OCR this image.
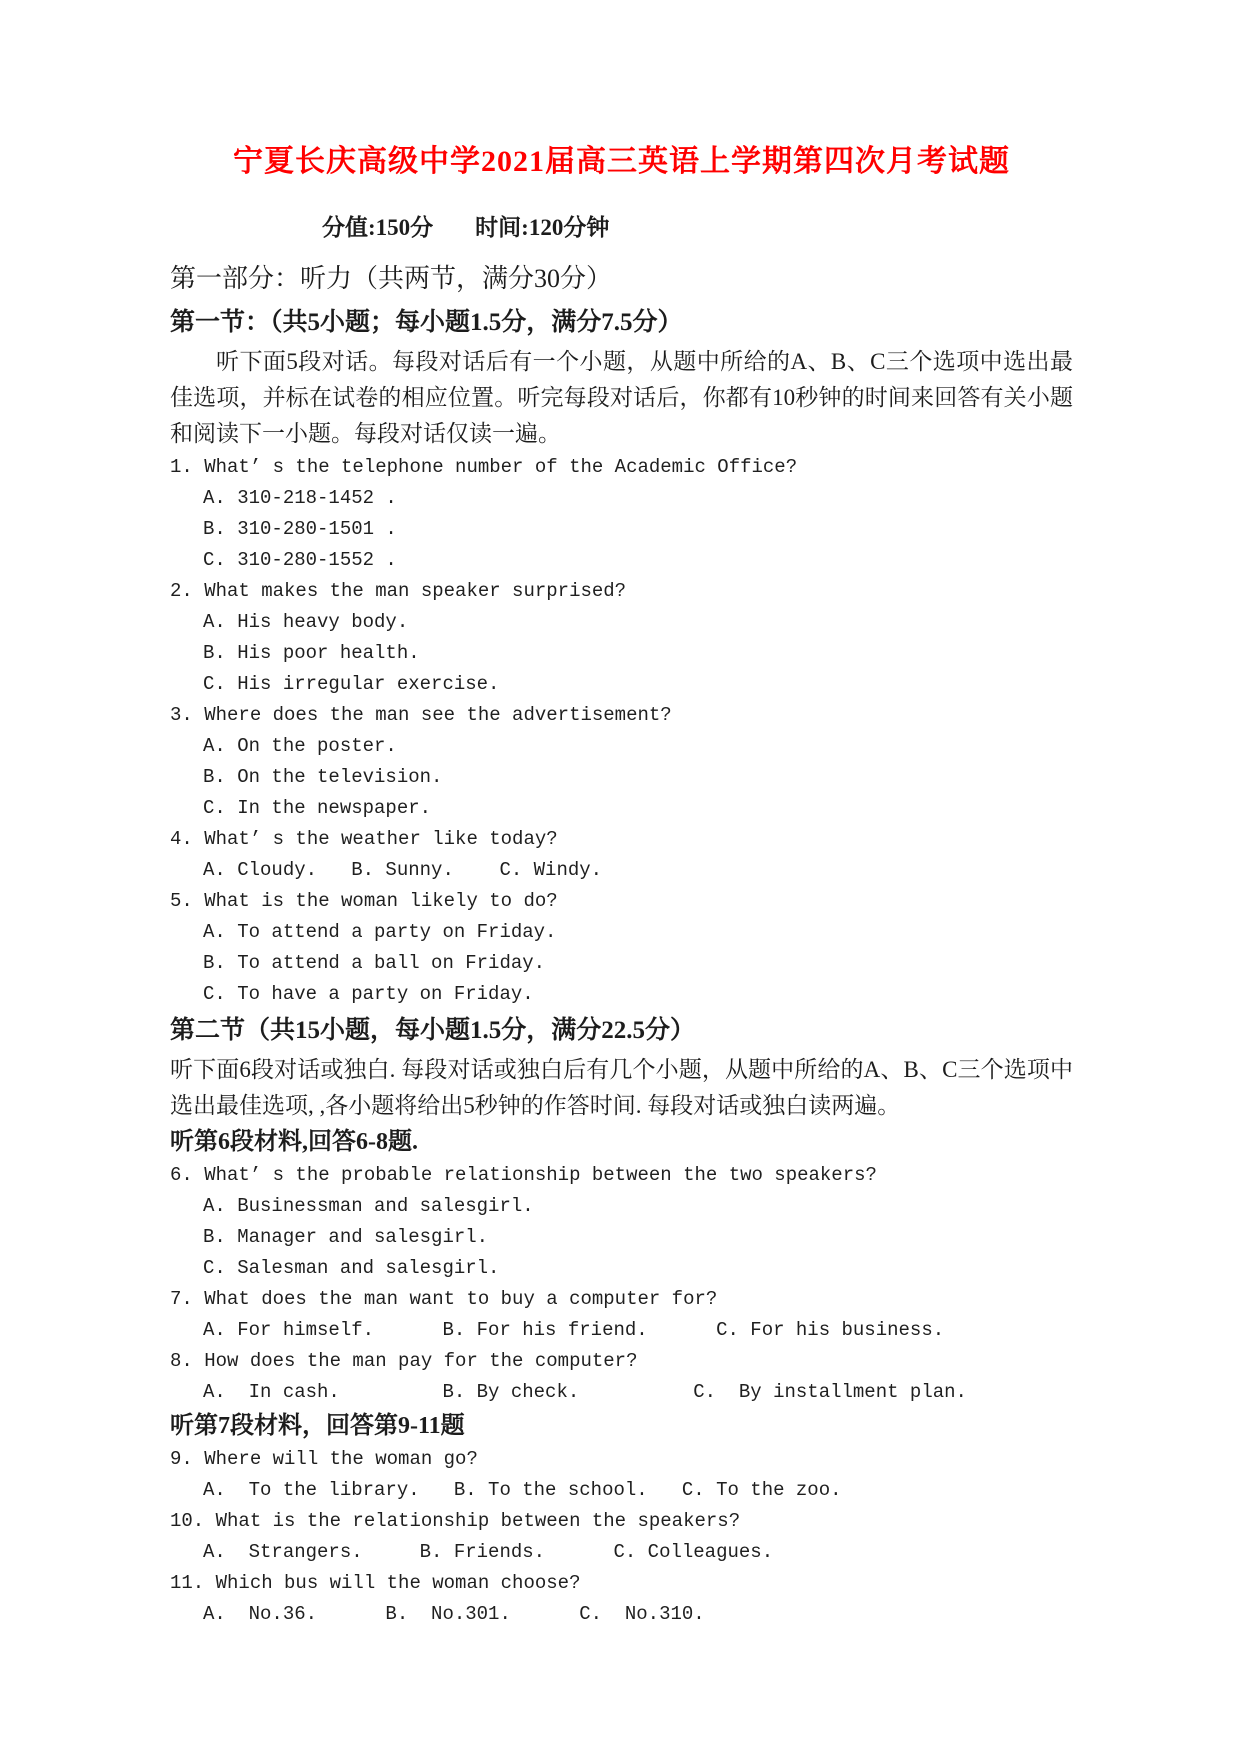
宁夏长庆高级中学2021届高三英语上学期第四次月考试题
分值:150分 时间:120分钟
第一部分：听力（共两节，满分30分）
第一节：（共5小题；每小题1.5分，满分7.5分）

听下面5段对话。每段对话后有一个小题，从题中所给的A、B、C三个选项中选出最佳选项，并标在试卷的相应位置。听完每段对话后，你都有10秒钟的时间来回答有关小题和阅读下一小题。每段对话仅读一遍。

1. What’ s the telephone number of the Academic Office?
A. 310-218-1452 .
B. 310-280-1501 .
C. 310-280-1552 .
2. What makes the man speaker surprised?
A. His heavy body.
B. His poor health.
C. His irregular exercise.
3. Where does the man see the advertisement?
A. On the poster.
B. On the television.
C. In the newspaper.
4. What’ s the weather like today?
A. Cloudy.   B. Sunny.    C. Windy.
5. What is the woman likely to do?
A. To attend a party on Friday.
B. To attend a ball on Friday.
C. To have a party on Friday.
第二节（共15小题，每小题1.5分，满分22.5分）

听下面6段对话或独白. 每段对话或独白后有几个小题，从题中所给的A、B、C三个选项中选出最佳选项, ,各小题将给出5秒钟的作答时间. 每段对话或独白读两遍。

听第6段材料,回答6-8题.
6. What’ s the probable relationship between the two speakers?
A. Businessman and salesgirl.
B. Manager and salesgirl.
C. Salesman and salesgirl.
7. What does the man want to buy a computer for?
A. For himself.      B. For his friend.      C. For his business.
8. How does the man pay for the computer?
A.  In cash.         B. By check.          C.  By installment plan.
听第7段材料，回答第9-11题
9. Where will the woman go?
A.  To the library.   B. To the school.   C. To the zoo.
10. What is the relationship between the speakers?
A.  Strangers.     B. Friends.      C. Colleagues.
11. Which bus will the woman choose?
A.  No.36.      B.  No.301.      C.  No.310.
